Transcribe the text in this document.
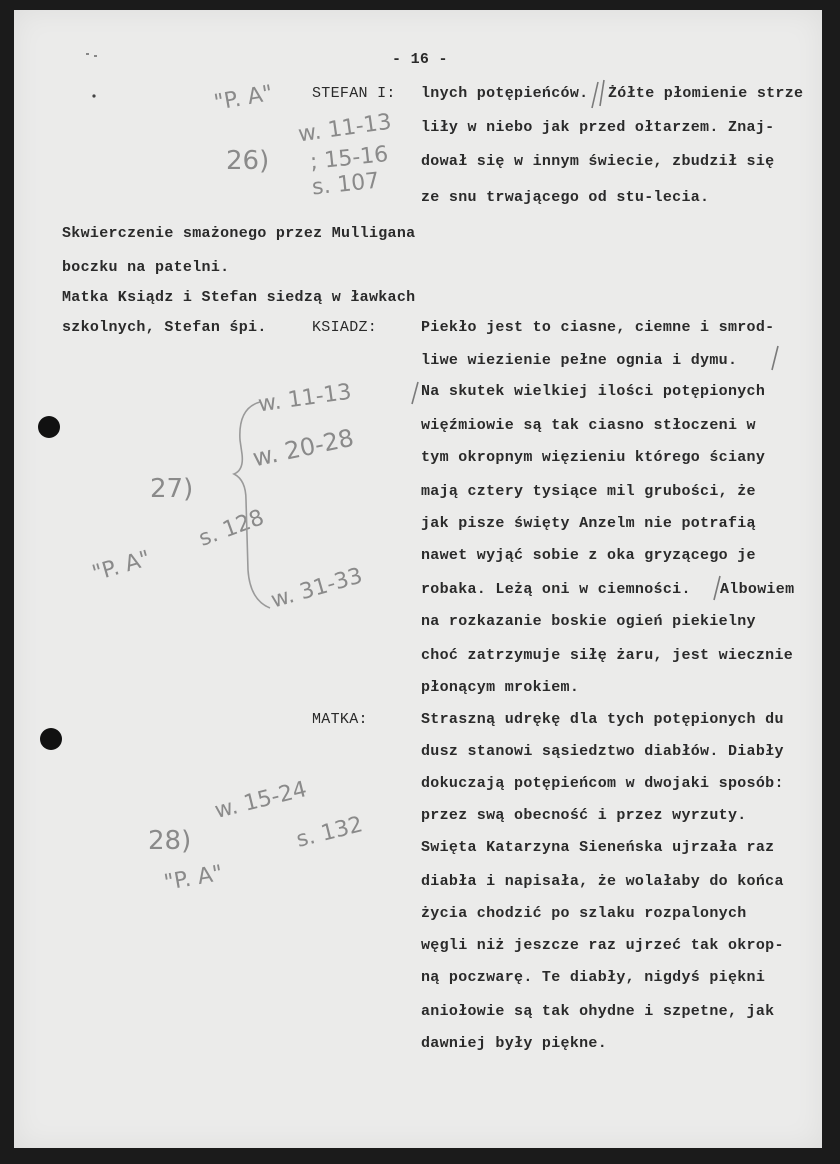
- 16 -
STEFAN I: lnych potępieńców. Żółte płomienie strze
liły w niebo jak przed ołtarzem. Znaj-
dował się w innym świecie, zbudził się
ze snu trwającego od stu-lecia.
Skwierczenie smażonego przez Mulligana
boczku na patelni.
Matka Ksiądz i Stefan siedzą w ławkach
szkolnych, Stefan śpi.	KSIADZ:	Piekło jest to ciasne, ciemne i smrod-
liwe wiezienie pełne ognia i dymu.
Na skutek wielkiej ilości potępionych
więźmiowie są tak ciasno stłoczeni w
tym okropnym więzieniu którego ściany
mają cztery tysiące mil grubości, że
jak pisze święty Anzelm nie potrafią
nawet wyjąć sobie z oka gryzącego je
robaka. Leżą oni w ciemności. Albowiem
na rozkazanie boskie ogień piekielny
choć zatrzymuje siłę żaru, jest wiecznie
płonącym mrokiem.
MATKA:	Straszną udrękę dla tych potępionych du
dusz stanowi sąsiedztwo diabłów. Diabły
dokuczają potępieńcom w dwojaki sposób:
przez swą obecność i przez wyrzuty.
Swięta Katarzyna Sieneńska ujrzała raz
diabła i napisała, że wolałaby do końca
życia chodzić po szlaku rozpalonych
węgli niż jeszcze raz ujrzeć tak okrop-
ną poczwarę. Te diabły, nigdyś piękni
aniołowie są tak ohydne i szpetne, jak
dawniej były piękne.
"P. A"
26)
w. 11-13
; 15-16
s. 107
w. 11-13
w. 20-28
27)
s. 128
"P. A"	w. 31-33
w. 15-24
28)	s. 132
"P. A"
